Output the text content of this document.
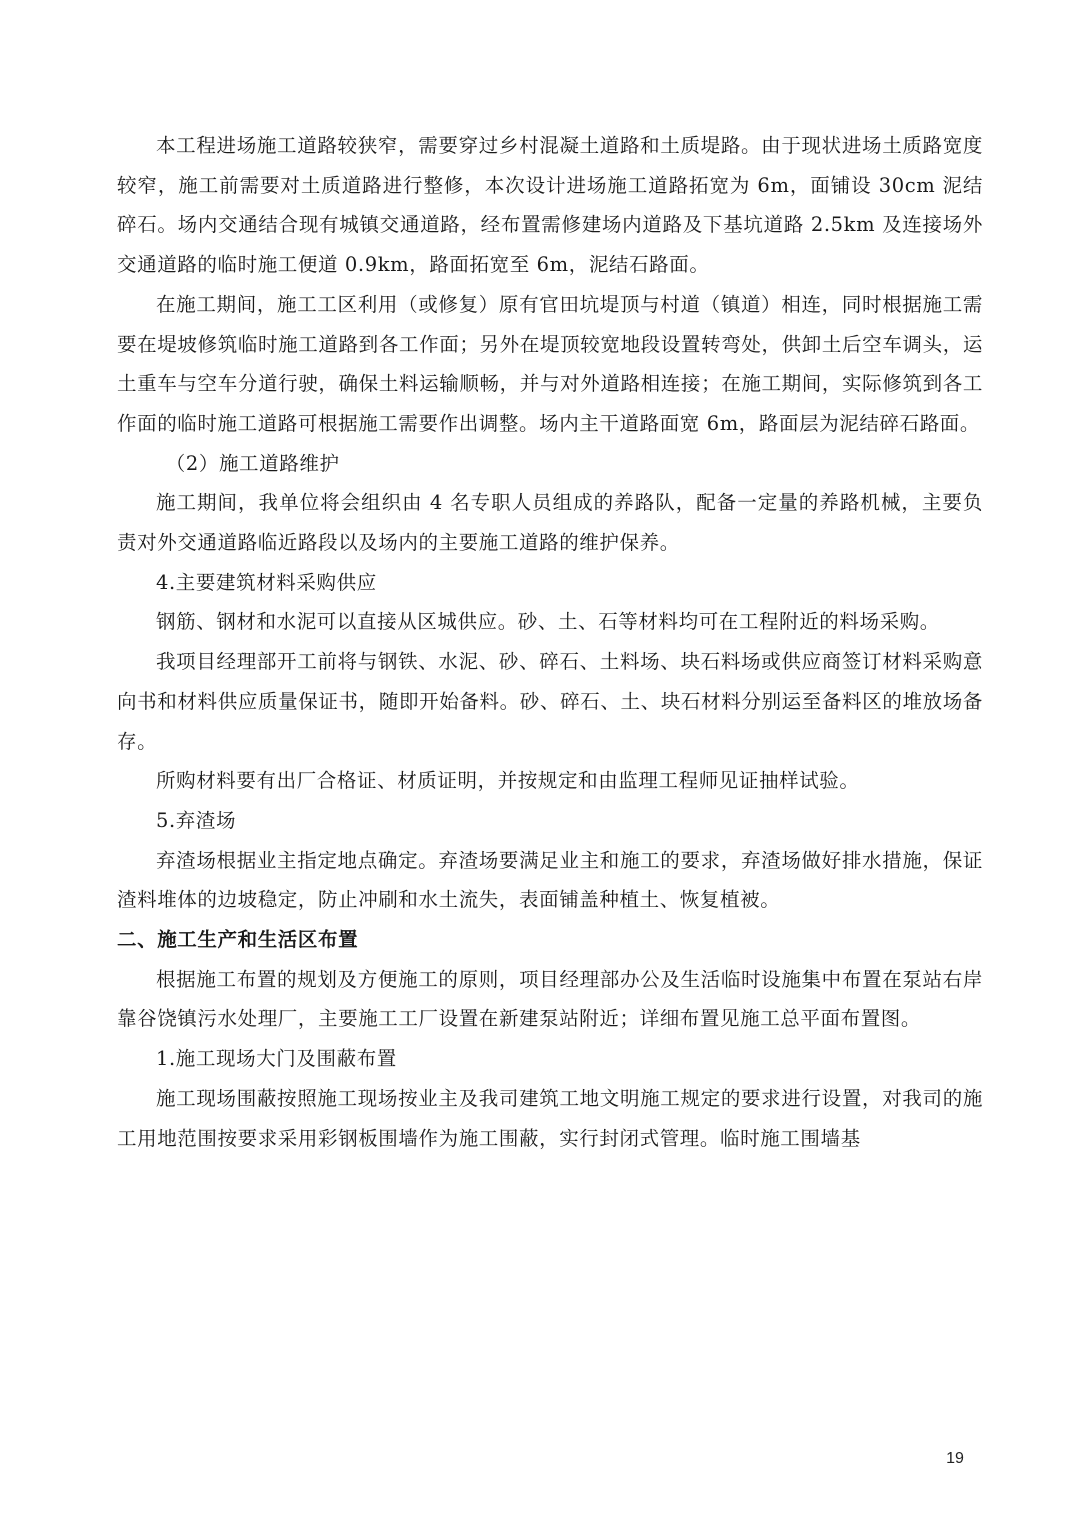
本工程进场施工道路较狭窄，需要穿过乡村混凝土道路和土质堤路。由于现状进场土质路宽度较窄，施工前需要对土质道路进行整修，本次设计进场施工道路拓宽为 6m，面铺设 30cm 泥结碎石。场内交通结合现有城镇交通道路，经布置需修建场内道路及下基坑道路 2.5km 及连接场外交通道路的临时施工便道 0.9km，路面拓宽至 6m，泥结石路面。

在施工期间，施工工区利用（或修复）原有官田坑堤顶与村道（镇道）相连，同时根据施工需要在堤坡修筑临时施工道路到各工作面；另外在堤顶较宽地段设置转弯处，供卸土后空车调头，运土重车与空车分道行驶，确保土料运输顺畅，并与对外道路相连接；在施工期间，实际修筑到各工作面的临时施工道路可根据施工需要作出调整。场内主干道路面宽 6m，路面层为泥结碎石路面。

（2）施工道路维护

施工期间，我单位将会组织由 4 名专职人员组成的养路队，配备一定量的养路机械，主要负责对外交通道路临近路段以及场内的主要施工道路的维护保养。

4.主要建筑材料采购供应

钢筋、钢材和水泥可以直接从区城供应。砂、土、石等材料均可在工程附近的料场采购。

我项目经理部开工前将与钢铁、水泥、砂、碎石、土料场、块石料场或供应商签订材料采购意向书和材料供应质量保证书，随即开始备料。砂、碎石、土、块石材料分别运至备料区的堆放场备存。

所购材料要有出厂合格证、材质证明，并按规定和由监理工程师见证抽样试验。

5.弃渣场

弃渣场根据业主指定地点确定。弃渣场要满足业主和施工的要求，弃渣场做好排水措施，保证渣料堆体的边坡稳定，防止冲刷和水土流失，表面铺盖种植土、恢复植被。

二、施工生产和生活区布置

根据施工布置的规划及方便施工的原则，项目经理部办公及生活临时设施集中布置在泵站右岸靠谷饶镇污水处理厂，主要施工工厂设置在新建泵站附近；详细布置见施工总平面布置图。

1.施工现场大门及围蔽布置

施工现场围蔽按照施工现场按业主及我司建筑工地文明施工规定的要求进行设置，对我司的施工用地范围按要求采用彩钢板围墙作为施工围蔽，实行封闭式管理。临时施工围墙基

19
